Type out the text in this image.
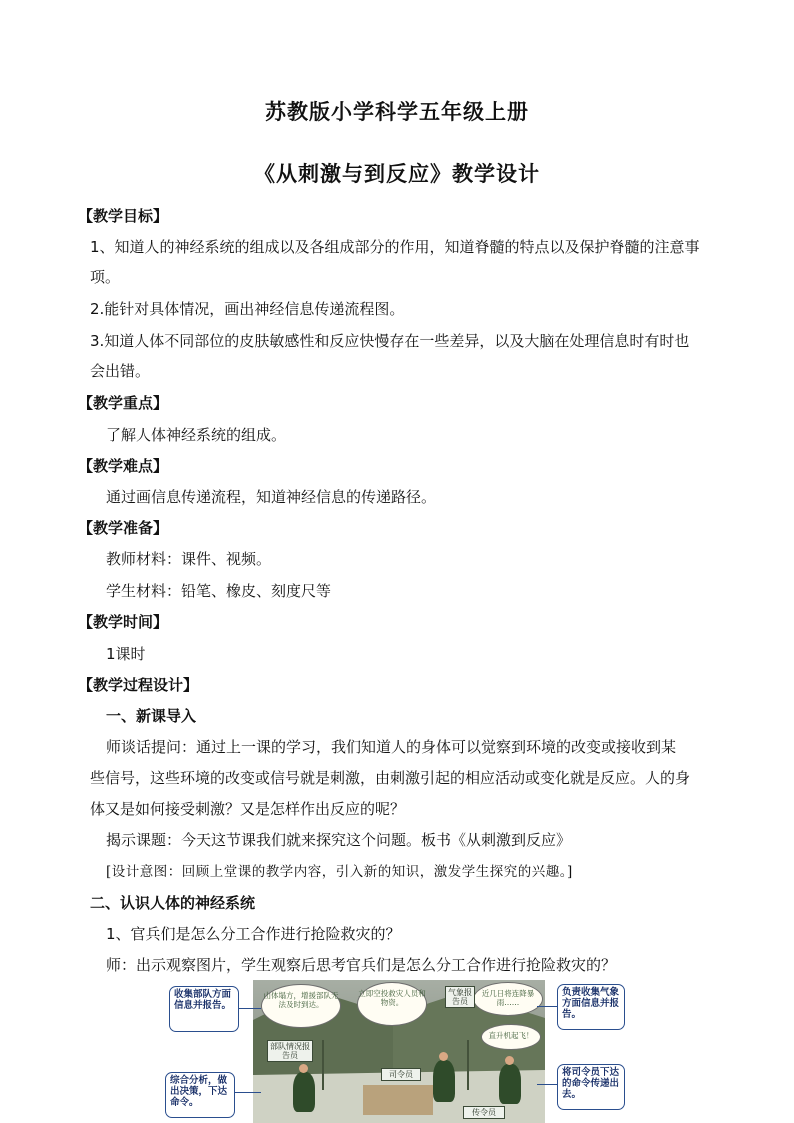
苏教版小学科学五年级上册
《从刺激与到反应》教学设计
【教学目标】
1、知道人的神经系统的组成以及各组成部分的作用，知道脊髓的特点以及保护脊髓的注意事
项。
2.能针对具体情况，画出神经信息传递流程图。
3.知道人体不同部位的皮肤敏感性和反应快慢存在一些差异，以及大脑在处理信息时有时也
会出错。
【教学重点】
了解人体神经系统的组成。
【教学难点】
通过画信息传递流程，知道神经信息的传递路径。
【教学准备】
教师材料：课件、视频。
学生材料：铅笔、橡皮、刻度尺等
【教学时间】
1课时
【教学过程设计】
一、新课导入
师谈话提问：通过上一课的学习，我们知道人的身体可以觉察到环境的改变或接收到某
些信号，这些环境的改变或信号就是刺激，由刺激引起的相应活动或变化就是反应。人的身
体又是如何接受刺激？又是怎样作出反应的呢？
揭示课题：今天这节课我们就来探究这个问题。板书《从刺激到反应》
[设计意图：回顾上堂课的教学内容，引入新的知识，激发学生探究的兴趣。]
二、认识人体的神经系统
1、官兵们是怎么分工合作进行抢险救灾的？
师：出示观察图片，学生观察后思考官兵们是怎么分工合作进行抢险救灾的？
山体塌方，增援部队无法及时到达。
立即空投救灾人员和物资。
近几日将连降暴雨……
直升机起飞！
部队情况报告员
司令员
气象报告员
传令员
收集部队方面信息并报告。
综合分析，做出决策，下达命令。
负责收集气象方面信息并报告。
将司令员下达的命令传递出去。
